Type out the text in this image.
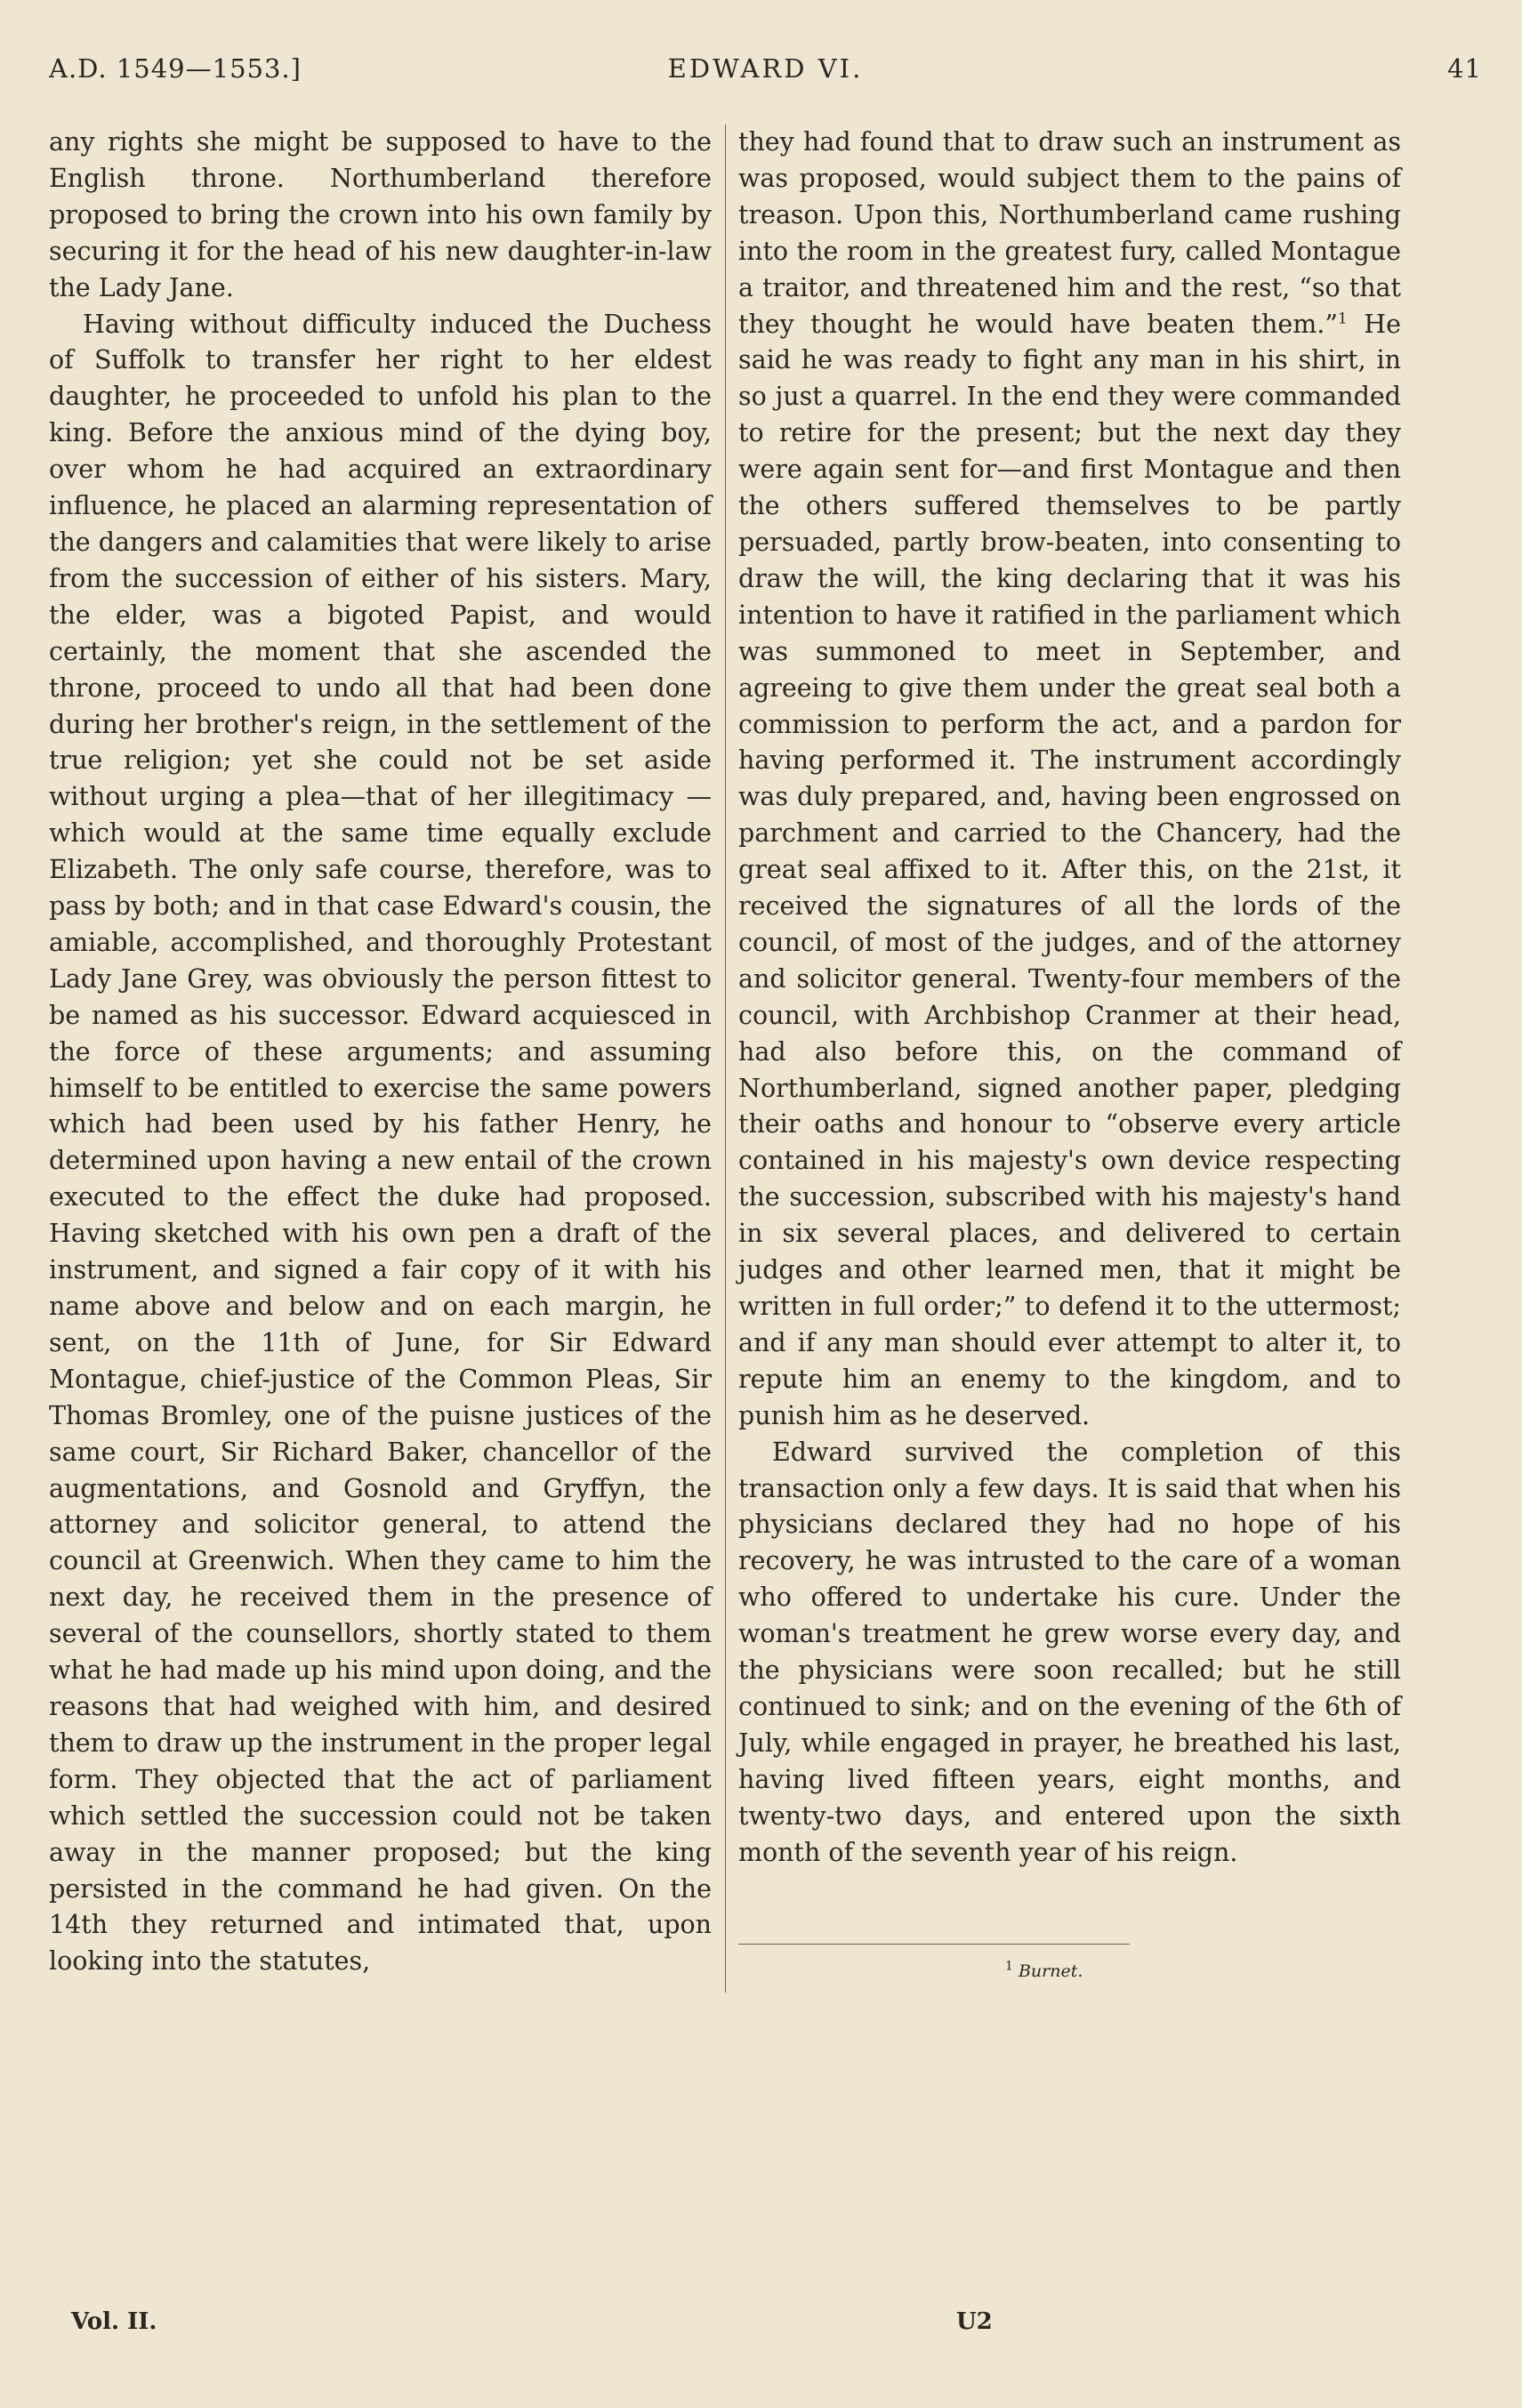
A.D. 1549—1553.]	EDWARD VI.	41

any rights she might be supposed to have to the English throne. Northumberland therefore proposed to bring the crown into his own family by securing it for the head of his new daughter-in-law the Lady Jane.

Having without difficulty induced the Duchess of Suffolk to transfer her right to her eldest daughter, he proceeded to unfold his plan to the king. Before the anxious mind of the dying boy, over whom he had acquired an extraordinary influence, he placed an alarming representation of the dangers and calamities that were likely to arise from the succession of either of his sisters. Mary, the elder, was a bigoted Papist, and would certainly, the moment that she ascended the throne, proceed to undo all that had been done during her brother's reign, in the settlement of the true religion; yet she could not be set aside without urging a plea—that of her illegitimacy —which would at the same time equally exclude Elizabeth. The only safe course, therefore, was to pass by both; and in that case Edward's cousin, the amiable, accomplished, and thoroughly Protestant Lady Jane Grey, was obviously the person fittest to be named as his successor. Edward acquiesced in the force of these arguments; and assuming himself to be entitled to exercise the same powers which had been used by his father Henry, he determined upon having a new entail of the crown executed to the effect the duke had proposed. Having sketched with his own pen a draft of the instrument, and signed a fair copy of it with his name above and below and on each margin, he sent, on the 11th of June, for Sir Edward Montague, chief-justice of the Common Pleas, Sir Thomas Bromley, one of the puisne justices of the same court, Sir Richard Baker, chancellor of the augmentations, and Gosnold and Gryffyn, the attorney and solicitor general, to attend the council at Greenwich. When they came to him the next day, he received them in the presence of several of the counsellors, shortly stated to them what he had made up his mind upon doing, and the reasons that had weighed with him, and desired them to draw up the instrument in the proper legal form. They objected that the act of parliament which settled the succession could not be taken away in the manner proposed; but the king persisted in the command he had given. On the 14th they returned and intimated that, upon looking into the statutes,

they had found that to draw such an instrument as was proposed, would subject them to the pains of treason. Upon this, Northumberland came rushing into the room in the greatest fury, called Montague a traitor, and threatened him and the rest, “so that they thought he would have beaten them.”$^1$ He said he was ready to fight any man in his shirt, in so just a quarrel. In the end they were commanded to retire for the present; but the next day they were again sent for—and first Montague and then the others suffered themselves to be partly persuaded, partly brow-beaten, into consenting to draw the will, the king declaring that it was his intention to have it ratified in the parliament which was summoned to meet in September, and agreeing to give them under the great seal both a commission to perform the act, and a pardon for having performed it. The instrument accordingly was duly prepared, and, having been engrossed on parchment and carried to the Chancery, had the great seal affixed to it. After this, on the 21st, it received the signatures of all the lords of the council, of most of the judges, and of the attorney and solicitor general. Twenty-four members of the council, with Archbishop Cranmer at their head, had also before this, on the command of Northumberland, signed another paper, pledging their oaths and honour to “observe every article contained in his majesty's own device respecting the succession, subscribed with his majesty's hand in six several places, and delivered to certain judges and other learned men, that it might be written in full order;” to defend it to the uttermost; and if any man should ever attempt to alter it, to repute him an enemy to the kingdom, and to punish him as he deserved.

Edward survived the completion of this transaction only a few days. It is said that when his physicians declared they had no hope of his recovery, he was intrusted to the care of a woman who offered to undertake his cure. Under the woman's treatment he grew worse every day, and the physicians were soon recalled; but he still continued to sink; and on the evening of the 6th of July, while engaged in prayer, he breathed his last, having lived fifteen years, eight months, and twenty-two days, and entered upon the sixth month of the seventh year of his reign.

$^1$ Burnet.
Vol. II.	U2
